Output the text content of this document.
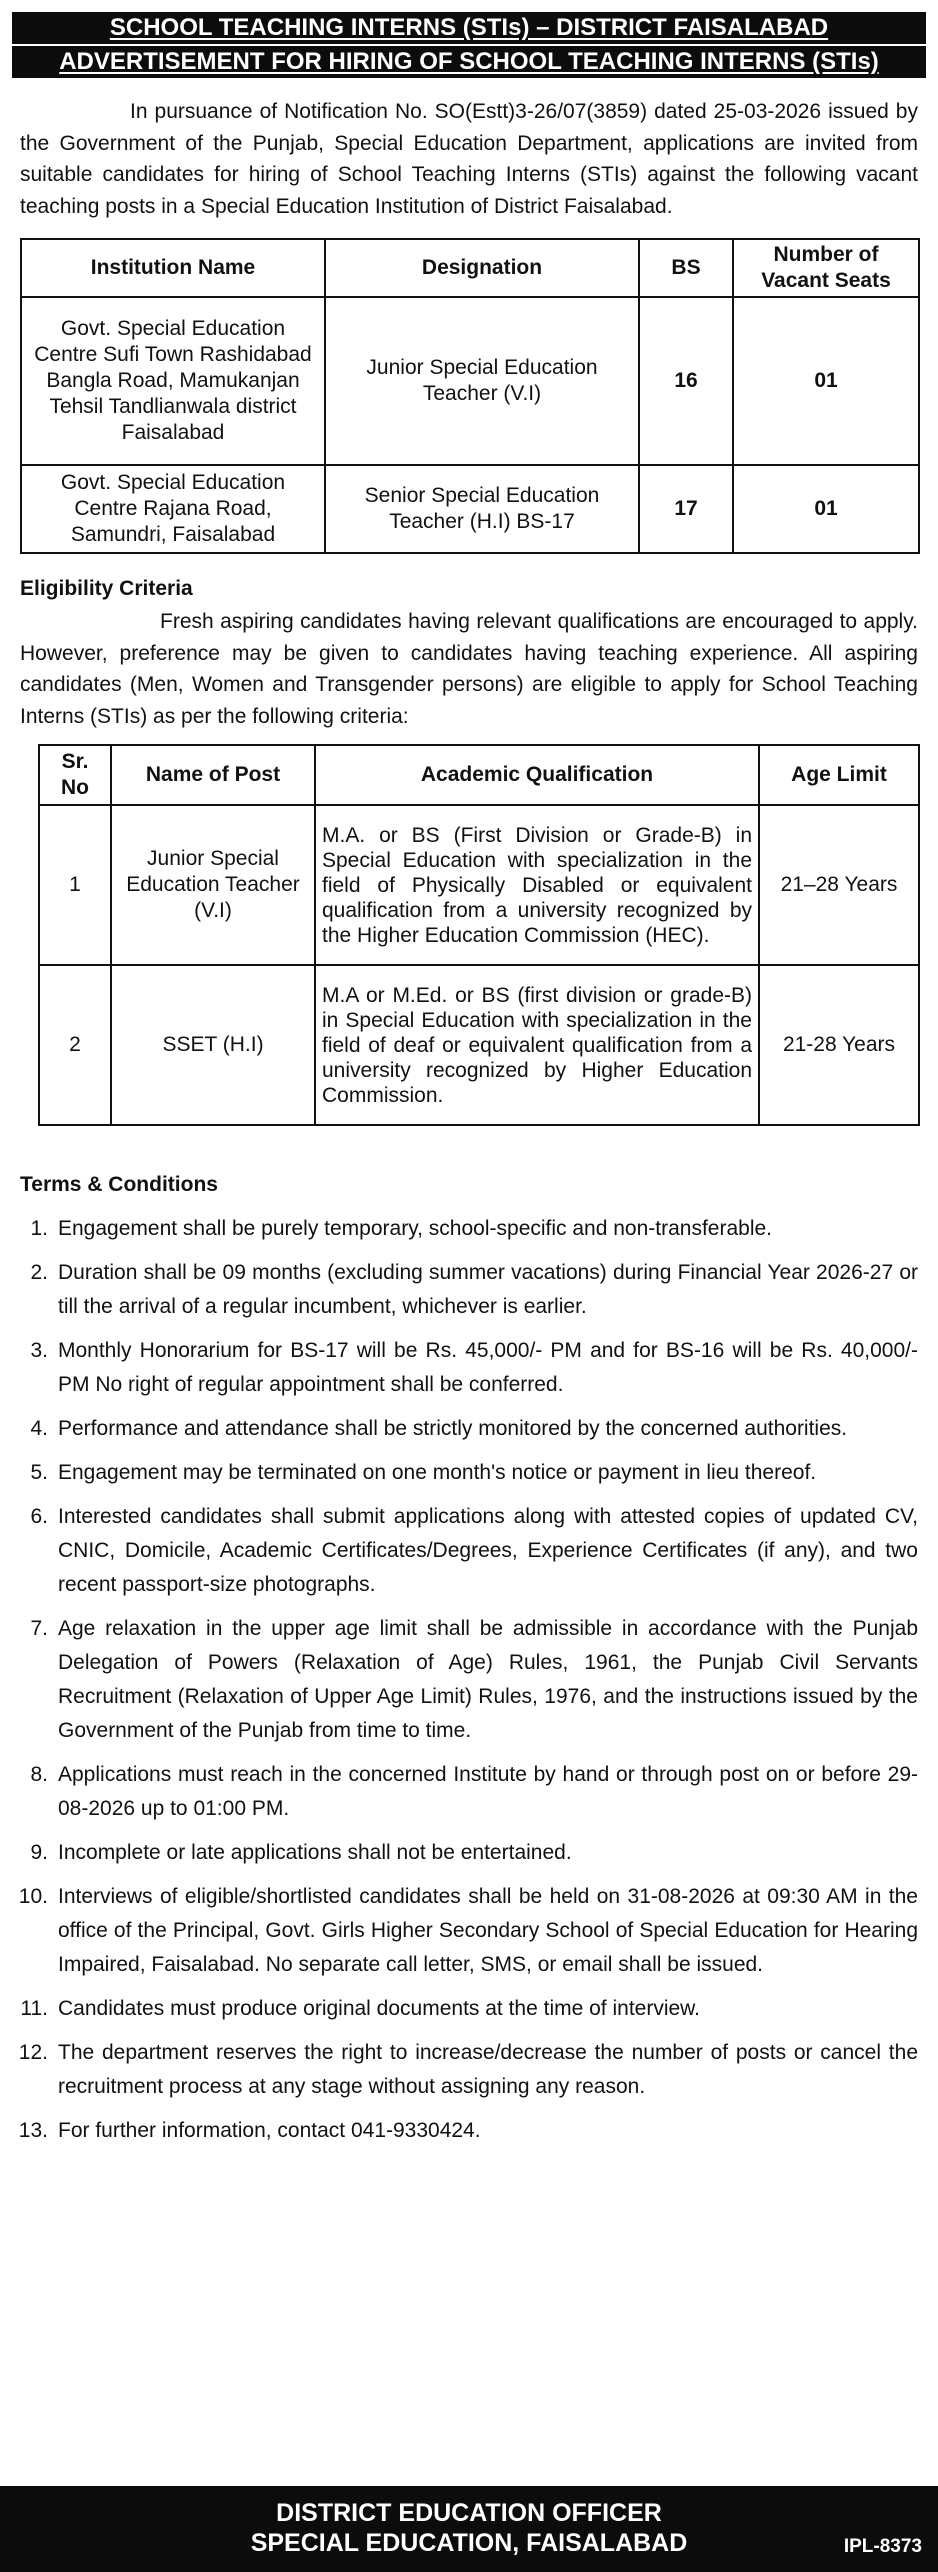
SCHOOL TEACHING INTERNS (STIs) – DISTRICT FAISALABAD
ADVERTISEMENT FOR HIRING OF SCHOOL TEACHING INTERNS (STIs)

In pursuance of Notification No. SO(Estt)3-26/07(3859) dated 25-03-2026 issued by the Government of the Punjab, Special Education Department, applications are invited from suitable candidates for hiring of School Teaching Interns (STIs) against the following vacant teaching posts in a Special Education Institution of District Faisalabad.

Institution Name	Designation	BS	Number of Vacant Seats
Govt. Special Education Centre Sufi Town Rashidabad Bangla Road, Mamukanjan Tehsil Tandlianwala district Faisalabad	Junior Special Education Teacher (V.I)	16	01
Govt. Special Education Centre Rajana Road, Samundri, Faisalabad	Senior Special Education Teacher (H.I) BS-17	17	01
Eligibility Criteria

Fresh aspiring candidates having relevant qualifications are encouraged to apply. However, preference may be given to candidates having teaching experience. All aspiring candidates (Men, Women and Transgender persons) are eligible to apply for School Teaching Interns (STIs) as per the following criteria:

Sr. No	Name of Post	Academic Qualification	Age Limit
1	Junior Special Education Teacher (V.I)	M.A. or BS (First Division or Grade-B) in Special Education with specialization in the field of Physically Disabled or equivalent qualification from a university recognized by the Higher Education Commission (HEC).	21–28 Years
2	SSET (H.I)	M.A or M.Ed. or BS (first division or grade-B) in Special Education with specialization in the field of deaf or equivalent qualification from a university recognized by Higher Education Commission.	21-28 Years
Terms & Conditions
1. Engagement shall be purely temporary, school-specific and non-transferable.
2. Duration shall be 09 months (excluding summer vacations) during Financial Year 2026-27 or till the arrival of a regular incumbent, whichever is earlier.
3. Monthly Honorarium for BS-17 will be Rs. 45,000/- PM and for BS-16 will be Rs. 40,000/- PM No right of regular appointment shall be conferred.
4. Performance and attendance shall be strictly monitored by the concerned authorities.
5. Engagement may be terminated on one month's notice or payment in lieu thereof.
6. Interested candidates shall submit applications along with attested copies of updated CV, CNIC, Domicile, Academic Certificates/Degrees, Experience Certificates (if any), and two recent passport-size photographs.
7. Age relaxation in the upper age limit shall be admissible in accordance with the Punjab Delegation of Powers (Relaxation of Age) Rules, 1961, the Punjab Civil Servants Recruitment (Relaxation of Upper Age Limit) Rules, 1976, and the instructions issued by the Government of the Punjab from time to time.
8. Applications must reach in the concerned Institute by hand or through post on or before 29-08-2026 up to 01:00 PM.
9. Incomplete or late applications shall not be entertained.
10. Interviews of eligible/shortlisted candidates shall be held on 31-08-2026 at 09:30 AM in the office of the Principal, Govt. Girls Higher Secondary School of Special Education for Hearing Impaired, Faisalabad. No separate call letter, SMS, or email shall be issued.
11. Candidates must produce original documents at the time of interview.
12. The department reserves the right to increase/decrease the number of posts or cancel the recruitment process at any stage without assigning any reason.
13. For further information, contact 041-9330424.
DISTRICT EDUCATION OFFICER
SPECIAL EDUCATION, FAISALABAD	IPL-8373
